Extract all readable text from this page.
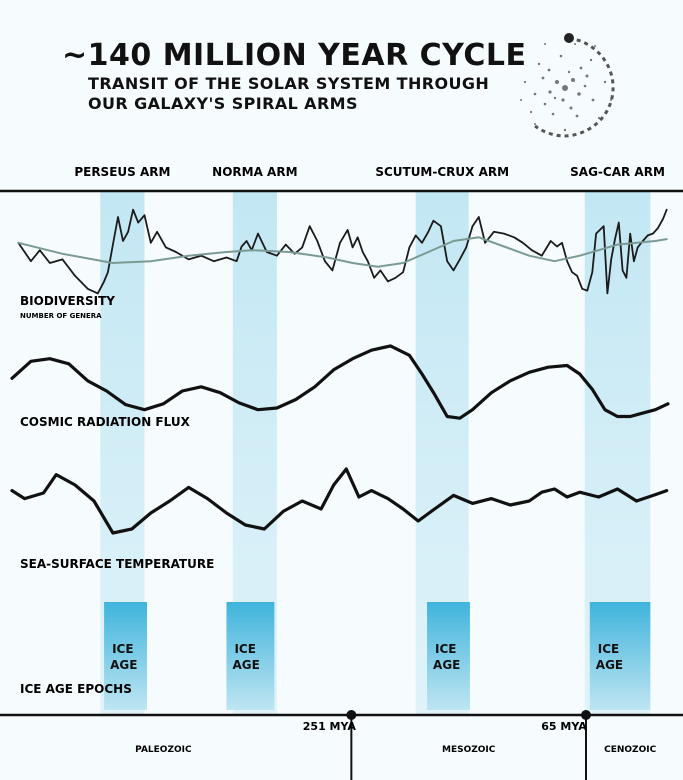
~140 MILLION YEAR CYCLE
TRANSIT OF THE SOLAR SYSTEM THROUGH
OUR GALAXY'S SPIRAL ARMS
PERSEUS ARM	NORMA ARM	SCUTUM-CRUX ARM	SAG-CAR ARM
BIODIVERSITY
NUMBER OF GENERA
COSMIC RADIATION FLUX
SEA-SURFACE TEMPERATURE
ICE
AGE
ICE
AGE
ICE
AGE
ICE
AGE
ICE AGE EPOCHS
251 MYA	65 MYA
PALEOZOIC	MESOZOIC	CENOZOIC
